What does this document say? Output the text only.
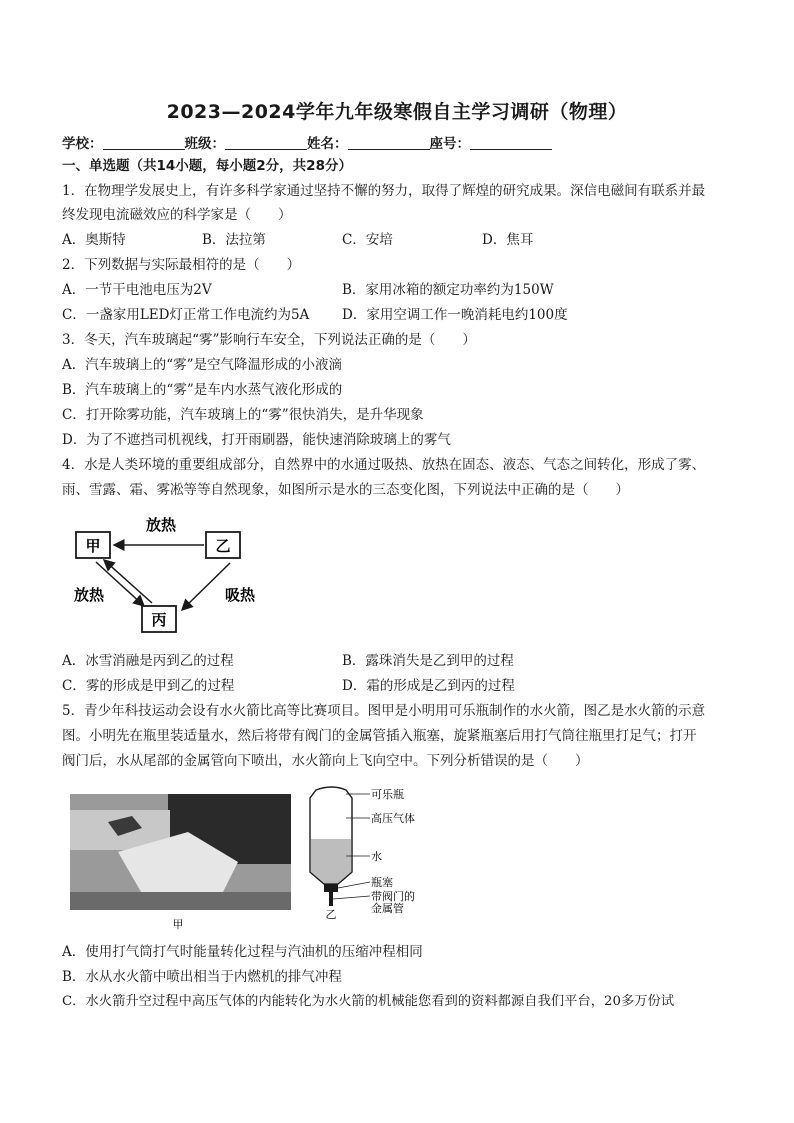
2023—2024学年九年级寒假自主学习调研（物理）
学校：	班级：	姓名：	座号：
一、单选题（共14小题，每小题2分，共28分）
1．在物理学发展史上，有许多科学家通过坚持不懈的努力，取得了辉煌的研究成果。深信电磁间有联系并最
终发现电流磁效应的科学家是（　　）
A．奥斯特	B．法拉第	C．安培	D．焦耳
2．下列数据与实际最相符的是（　　）
A．一节干电池电压为2V	B．家用冰箱的额定功率约为150W
C．一盏家用LED灯正常工作电流约为5A D．家用空调工作一晚消耗电约100度
3．冬天，汽车玻璃起“雾”影响行车安全，下列说法正确的是（　　）
A．汽车玻璃上的“雾”是空气降温形成的小液滴
B．汽车玻璃上的“雾”是车内水蒸气液化形成的
C．打开除雾功能，汽车玻璃上的“雾”很快消失，是升华现象
D．为了不遮挡司机视线，打开雨刷器，能快速消除玻璃上的雾气
4．水是人类环境的重要组成部分，自然界中的水通过吸热、放热在固态、液态、气态之间转化，形成了雾、
雨、雪露、霜、雾凇等等自然现象，如图所示是水的三态变化图，下列说法中正确的是（　　）
甲	乙
丙
放热
放热	吸热
A．冰雪消融是丙到乙的过程	B．露珠消失是乙到甲的过程
C．雾的形成是甲到乙的过程	D．霜的形成是乙到丙的过程
5．青少年科技运动会设有水火箭比高等比赛项目。图甲是小明用可乐瓶制作的水火箭，图乙是水火箭的示意
图。小明先在瓶里装适量水，然后将带有阀门的金属管插入瓶塞，旋紧瓶塞后用打气筒往瓶里打足气；打开
阀门后，水从尾部的金属管向下喷出，水火箭向上飞向空中。下列分析错误的是（　　）
甲
可乐瓶
高压气体
水
瓶塞
带阀门的
金属管
乙
A．使用打气筒打气时能量转化过程与汽油机的压缩冲程相同
B．水从水火箭中喷出相当于内燃机的排气冲程
C．水火箭升空过程中高压气体的内能转化为水火箭的机械能您看到的资料都源自我们平台，20多万份试
